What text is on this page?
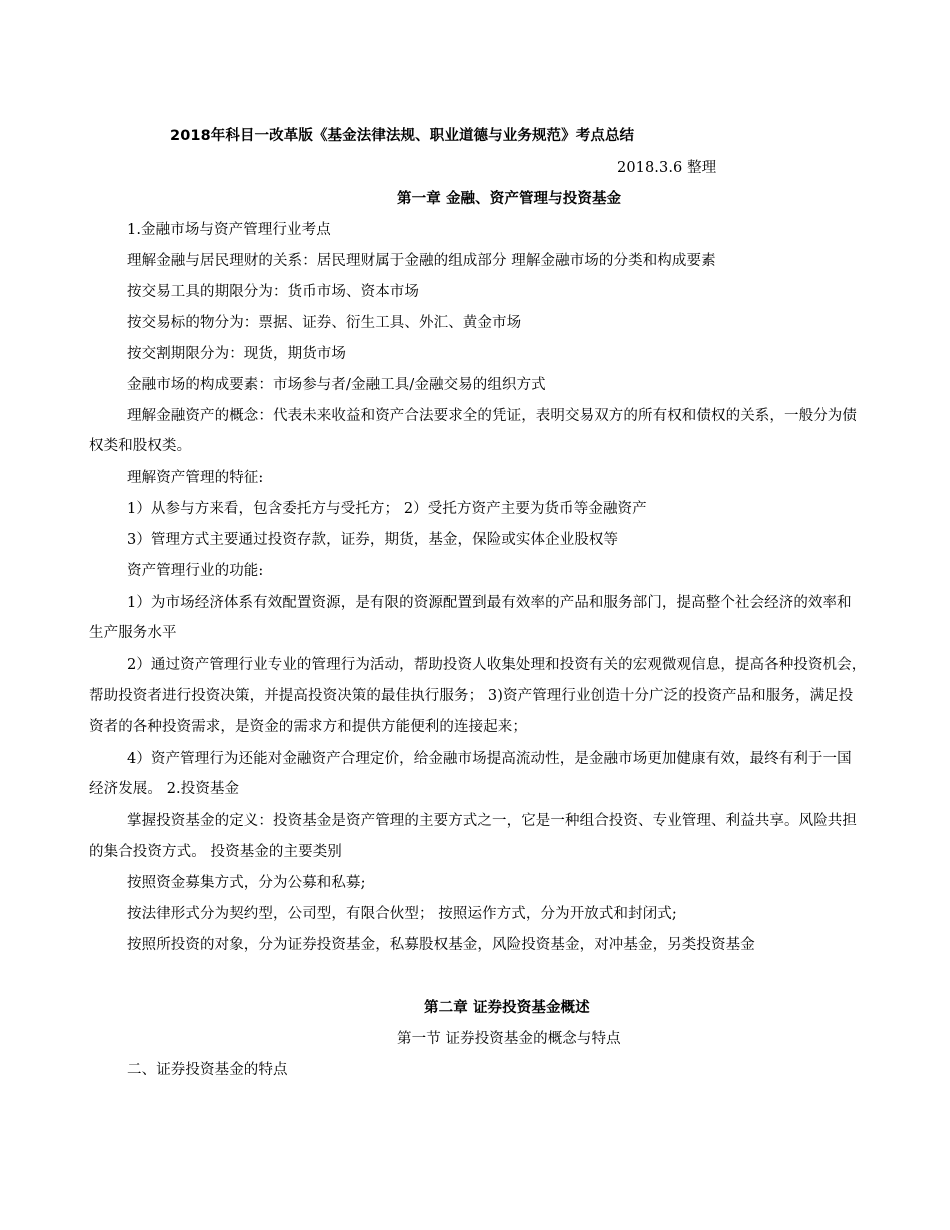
2018年科目一改革版《基金法律法规、职业道德与业务规范》考点总结
2018.3.6 整理
第一章 金融、资产管理与投资基金
1.金融市场与资产管理行业考点
理解金融与居民理财的关系：居民理财属于金融的组成部分 理解金融市场的分类和构成要素
按交易工具的期限分为：货币市场、资本市场
按交易标的物分为：票据、证券、衍生工具、外汇、黄金市场
按交割期限分为：现货，期货市场
金融市场的构成要素：市场参与者/金融工具/金融交易的组织方式
理解金融资产的概念：代表未来收益和资产合法要求全的凭证，表明交易双方的所有权和债权的关系，一般分为债
权类和股权类。
理解资产管理的特征:
1）从参与方来看，包含委托方与受托方； 2）受托方资产主要为货币等金融资产
3）管理方式主要通过投资存款，证券，期货，基金，保险或实体企业股权等
资产管理行业的功能:
1）为市场经济体系有效配置资源，是有限的资源配置到最有效率的产品和服务部门，提高整个社会经济的效率和
生产服务水平
2）通过资产管理行业专业的管理行为活动，帮助投资人收集处理和投资有关的宏观微观信息，提高各种投资机会，
帮助投资者进行投资决策，并提高投资决策的最佳执行服务； 3)资产管理行业创造十分广泛的投资产品和服务，满足投
资者的各种投资需求，是资金的需求方和提供方能便利的连接起来；
4）资产管理行为还能对金融资产合理定价，给金融市场提高流动性，是金融市场更加健康有效，最终有利于一国
经济发展。 2.投资基金
掌握投资基金的定义：投资基金是资产管理的主要方式之一，它是一种组合投资、专业管理、利益共享。风险共担
的集合投资方式。 投资基金的主要类别
按照资金募集方式，分为公募和私募;
按法律形式分为契约型，公司型，有限合伙型； 按照运作方式，分为开放式和封闭式;
按照所投资的对象，分为证券投资基金，私募股权基金，风险投资基金，对冲基金，另类投资基金
第二章 证券投资基金概述
第一节 证券投资基金的概念与特点
二、证券投资基金的特点
